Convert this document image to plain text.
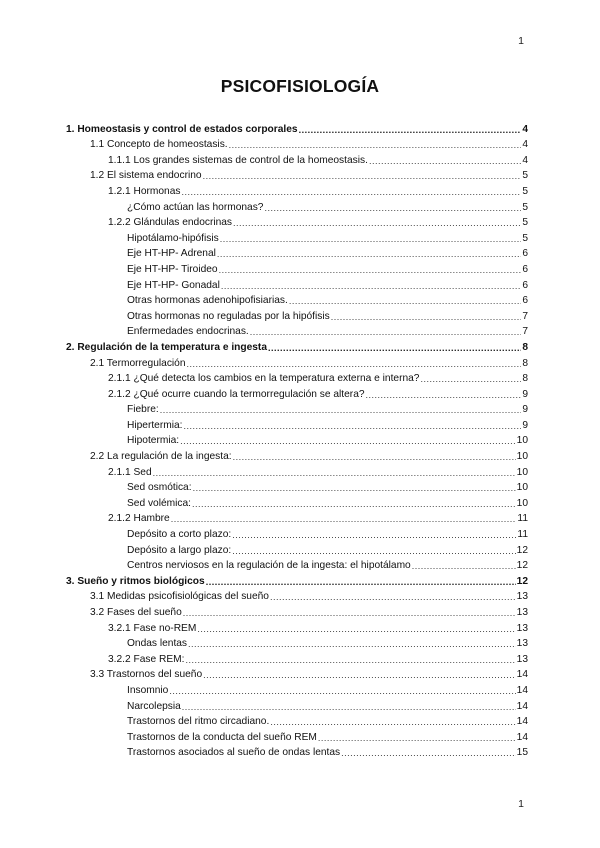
1
PSICOFISIOLOGÍA
1. Homeostasis y control de estados corporales .....	4
1.1 Concepto de homeostasis. .....	4
1.1.1 Los grandes sistemas de control de la homeostasis. .....	4
1.2 El sistema endocrino .....	5
1.2.1 Hormonas .....	5
¿Cómo actúan las hormonas? .....	5
1.2.2 Glándulas endocrinas .....	5
Hipotálamo-hipófisis .....	5
Eje HT-HP- Adrenal .....	6
Eje HT-HP- Tiroideo .....	6
Eje HT-HP- Gonadal .....	6
Otras hormonas adenohipofisiarias. .....	6
Otras hormonas no reguladas por la hipófisis .....	7
Enfermedades endocrinas. .....	7
2. Regulación de la temperatura e ingesta .....	8
2.1 Termorregulación .....	8
2.1.1 ¿Qué detecta los cambios en la temperatura externa e interna? .....	8
2.1.2 ¿Qué ocurre cuando la termorregulación se altera? .....	9
Fiebre: .....	9
Hipertermia: .....	9
Hipotermia: .....	10
2.2 La regulación de la ingesta: .....	10
2.1.1 Sed .....	10
Sed osmótica: .....	10
Sed volémica: .....	10
2.1.2 Hambre .....	11
Depósito a corto plazo: .....	11
Depósito a largo plazo: .....	12
Centros nerviosos en la regulación de la ingesta: el hipotálamo .....	12
3. Sueño y ritmos biológicos .....	12
3.1 Medidas psicofisiológicas del sueño .....	13
3.2 Fases del sueño .....	13
3.2.1 Fase no-REM .....	13
Ondas lentas .....	13
3.2.2 Fase REM: .....	13
3.3 Trastornos del sueño .....	14
Insomnio .....	14
Narcolepsia .....	14
Trastornos del ritmo circadiano. .....	14
Trastornos de la conducta del sueño REM .....	14
Trastornos asociados al sueño de ondas lentas .....	15
1
